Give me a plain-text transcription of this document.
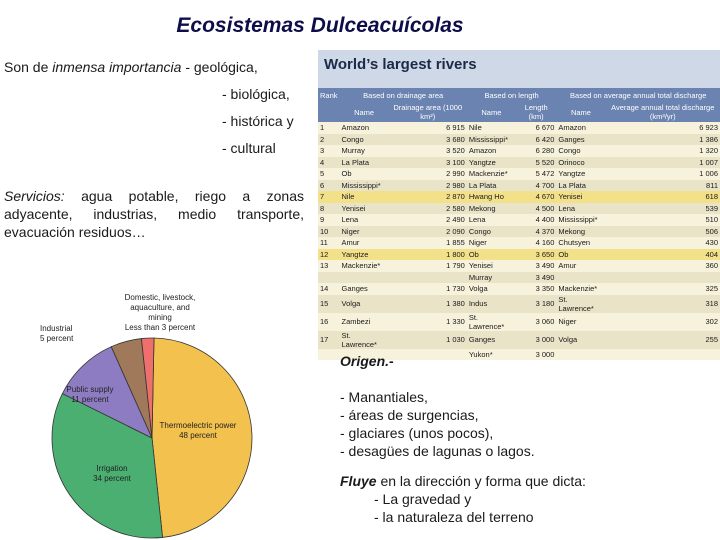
Ecosistemas Dulceacuícolas
Son de inmensa importancia - geológica,
- biológica,
- histórica y
- cultural
Servicios: agua potable, riego a zonas adyacente, industrias, medio transporte, evacuación residuos…
World’s largest rivers
Rank	Based on drainage area		Based on length		Based on average annual total discharge	
	Name	Drainage area (1000 km²)	Name	Length (km)	Name	Average annual total discharge (km³/yr)
1	Amazon	6 915	Nile	6 670	Amazon	6 923
2	Congo	3 680	Mississippi*	6 420	Ganges	1 386
3	Murray	3 520	Amazon	6 280	Congo	1 320
4	La Plata	3 100	Yangtze	5 520	Orinoco	1 007
5	Ob	2 990	Mackenzie*	5 472	Yangtze	1 006
6	Mississippi*	2 980	La Plata	4 700	La Plata	811
7	Nile	2 870	Hwang Ho	4 670	Yenisei	618
8	Yenisei	2 580	Mekong	4 500	Lena	539
9	Lena	2 490	Lena	4 400	Mississippi*	510
10	Niger	2 090	Congo	4 370	Mekong	506
11	Amur	1 855	Niger	4 160	Chutsyen	430
12	Yangtze	1 800	Ob	3 650	Ob	404
13	Mackenzie*	1 790	Yenisei	3 490	Amur	360
			Murray	3 490		
14	Ganges	1 730	Volga	3 350	Mackenzie*	325
15	Volga	1 380	Indus	3 180	St. Lawrence*	318
16	Zambezi	1 330	St. Lawrence*	3 060	Niger	302
17	St. Lawrence*	1 030	Ganges	3 000	Volga	255
			Yukon*	3 000		
Thermoelectric power 48 percent
Irrigation 34 percent
Public supply 11 percent
Industrial 5 percent
Domestic, livestock, aquaculture, and mining Less than 3 percent
Origen.-
- Manantiales,
- áreas de surgencias,
- glaciares (unos pocos),
- desagües de lagunas o lagos.
Fluye en la dirección y forma que dicta:
- La gravedad y
- la naturaleza del terreno
